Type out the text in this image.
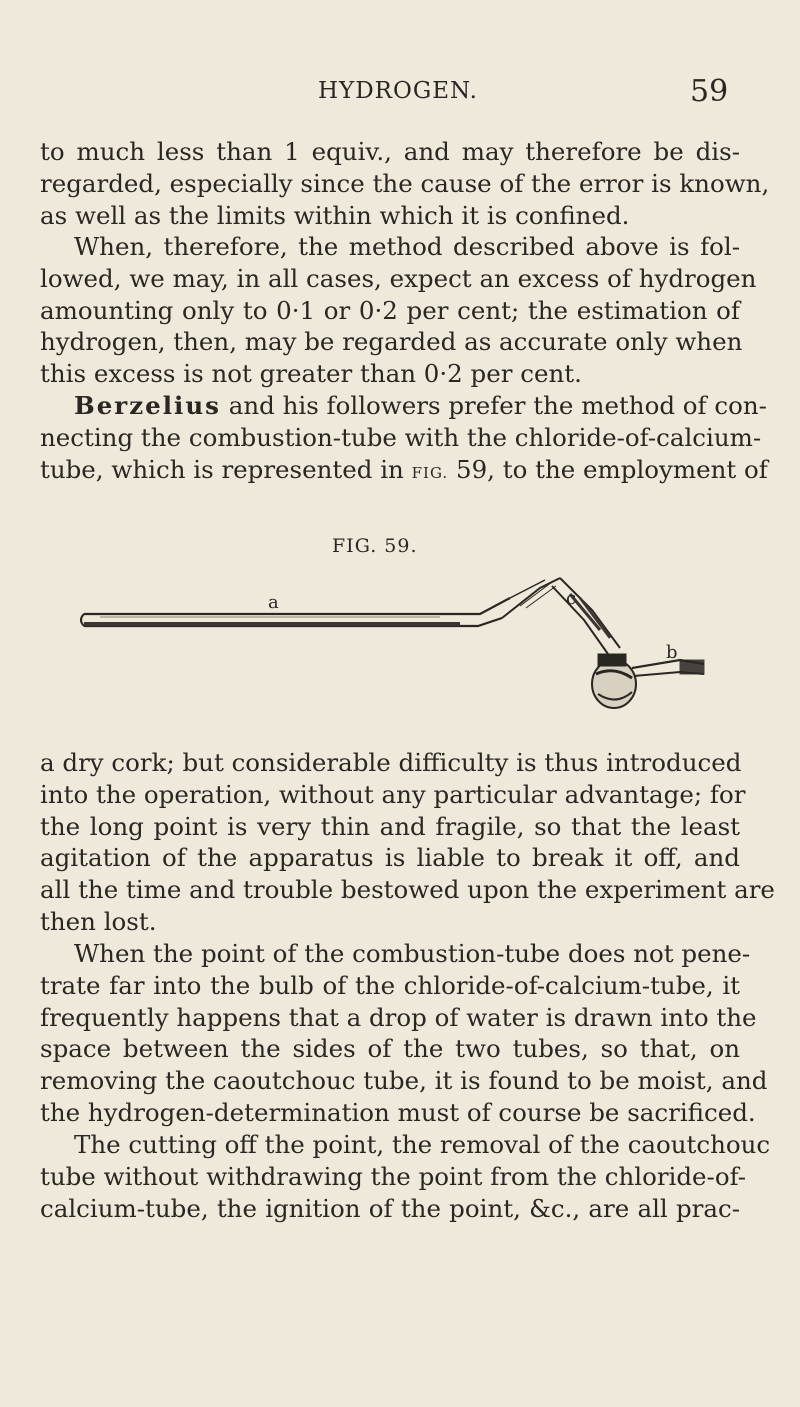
HYDROGEN.	59
to much less than 1 equiv., and may therefore be dis-
regarded, especially since the cause of the error is known,
as well as the limits within which it is confined.
When, therefore, the method described above is fol-
lowed, we may, in all cases, expect an excess of hydrogen
amounting only to 0·1 or 0·2 per cent; the estimation of
hydrogen, then, may be regarded as accurate only when
this excess is not greater than 0·2 per cent.
Berzelius and his followers prefer the method of con-
necting the combustion-tube with the chloride-of-calcium-
tube, which is represented in FIG. 59, to the employment of
FIG. 59.
a
b
c
a dry cork; but considerable difficulty is thus introduced
into the operation, without any particular advantage; for
the long point is very thin and fragile, so that the least
agitation of the apparatus is liable to break it off, and
all the time and trouble bestowed upon the experiment are
then lost.
When the point of the combustion-tube does not pene-
trate far into the bulb of the chloride-of-calcium-tube, it
frequently happens that a drop of water is drawn into the
space between the sides of the two tubes, so that, on
removing the caoutchouc tube, it is found to be moist, and
the hydrogen-determination must of course be sacrificed.
The cutting off the point, the removal of the caoutchouc
tube without withdrawing the point from the chloride-of-
calcium-tube, the ignition of the point, &c., are all prac-
